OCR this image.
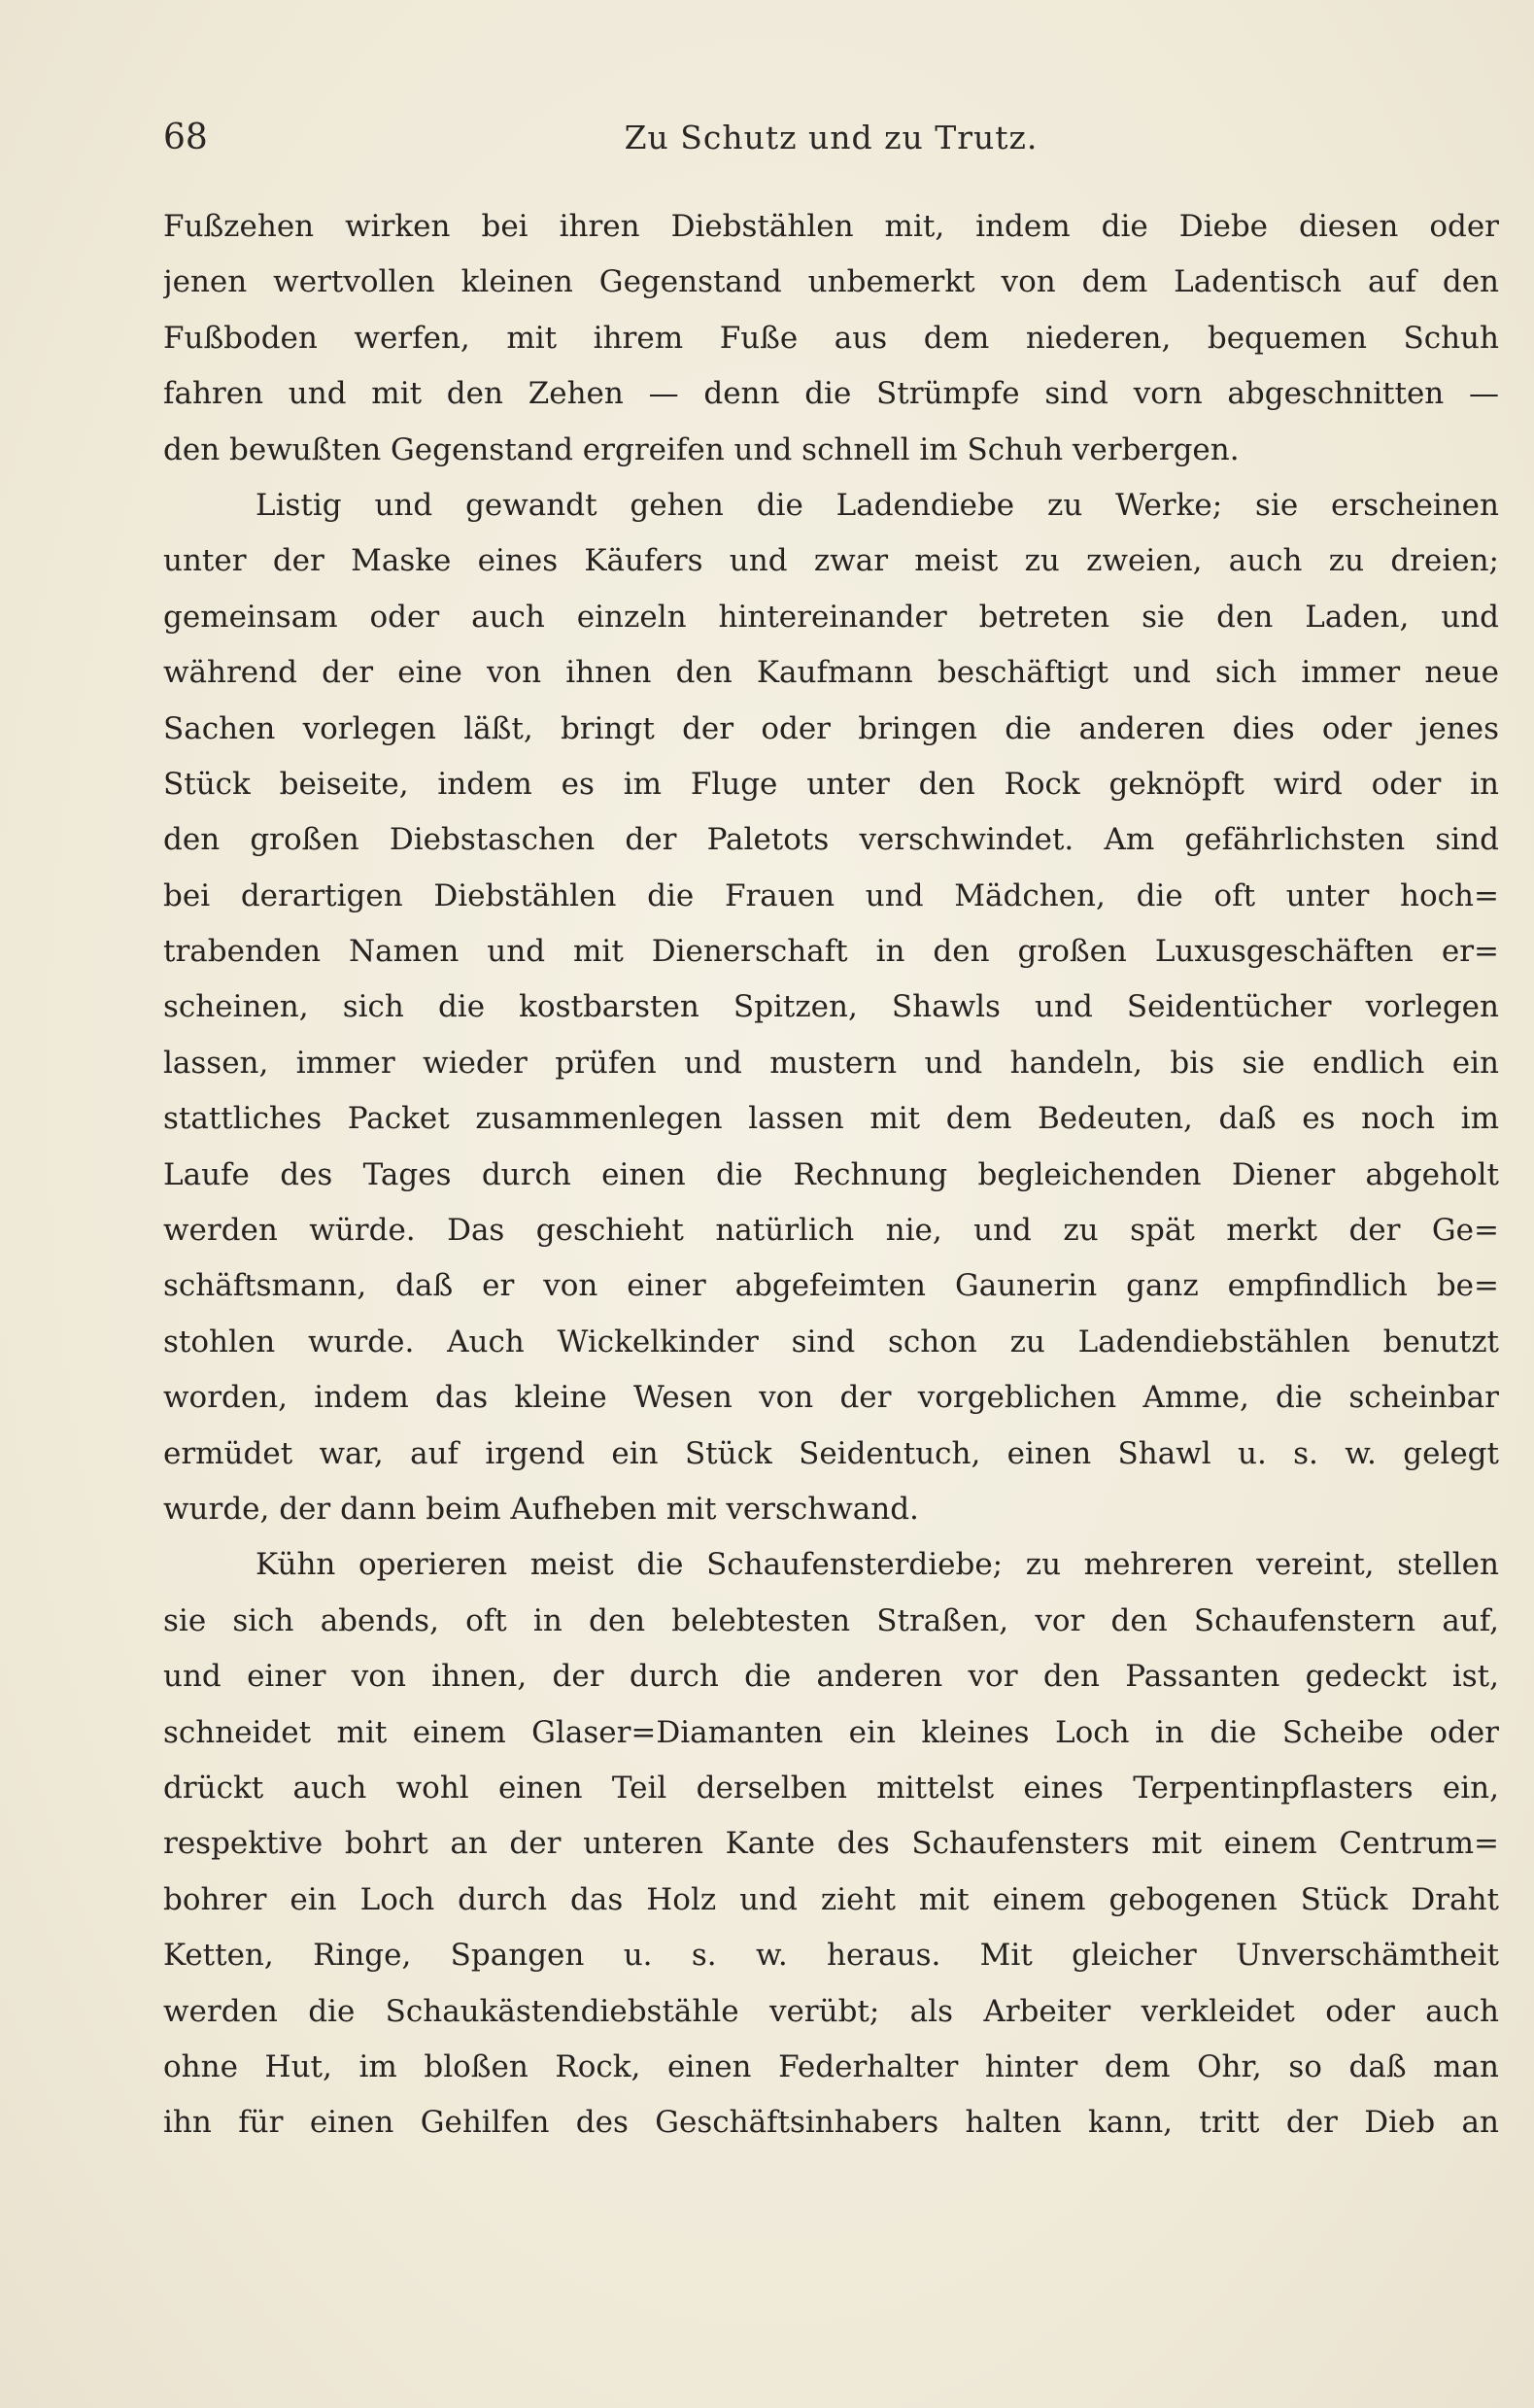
68	Zu Schutz und zu Trutz.
Fußzehen wirken bei ihren Diebstählen mit, indem die Diebe diesen oder
jenen wertvollen kleinen Gegenstand unbemerkt von dem Ladentisch auf den
Fußboden werfen, mit ihrem Fuße aus dem niederen, bequemen Schuh
fahren und mit den Zehen — denn die Strümpfe sind vorn abgeschnitten —
den bewußten Gegenstand ergreifen und schnell im Schuh verbergen.
Listig und gewandt gehen die Ladendiebe zu Werke; sie erscheinen
unter der Maske eines Käufers und zwar meist zu zweien, auch zu dreien;
gemeinsam oder auch einzeln hintereinander betreten sie den Laden, und
während der eine von ihnen den Kaufmann beschäftigt und sich immer neue
Sachen vorlegen läßt, bringt der oder bringen die anderen dies oder jenes
Stück beiseite, indem es im Fluge unter den Rock geknöpft wird oder in
den großen Diebstaschen der Paletots verschwindet. Am gefährlichsten sind
bei derartigen Diebstählen die Frauen und Mädchen, die oft unter hoch=
trabenden Namen und mit Dienerschaft in den großen Luxusgeschäften er=
scheinen, sich die kostbarsten Spitzen, Shawls und Seidentücher vorlegen
lassen, immer wieder prüfen und mustern und handeln, bis sie endlich ein
stattliches Packet zusammenlegen lassen mit dem Bedeuten, daß es noch im
Laufe des Tages durch einen die Rechnung begleichenden Diener abgeholt
werden würde. Das geschieht natürlich nie, und zu spät merkt der Ge=
schäftsmann, daß er von einer abgefeimten Gaunerin ganz empfindlich be=
stohlen wurde. Auch Wickelkinder sind schon zu Ladendiebstählen benutzt
worden, indem das kleine Wesen von der vorgeblichen Amme, die scheinbar
ermüdet war, auf irgend ein Stück Seidentuch, einen Shawl u. s. w. gelegt
wurde, der dann beim Aufheben mit verschwand.
Kühn operieren meist die Schaufensterdiebe; zu mehreren vereint, stellen
sie sich abends, oft in den belebtesten Straßen, vor den Schaufenstern auf,
und einer von ihnen, der durch die anderen vor den Passanten gedeckt ist,
schneidet mit einem Glaser=Diamanten ein kleines Loch in die Scheibe oder
drückt auch wohl einen Teil derselben mittelst eines Terpentinpflasters ein,
respektive bohrt an der unteren Kante des Schaufensters mit einem Centrum=
bohrer ein Loch durch das Holz und zieht mit einem gebogenen Stück Draht
Ketten, Ringe, Spangen u. s. w. heraus. Mit gleicher Unverschämtheit
werden die Schaukästendiebstähle verübt; als Arbeiter verkleidet oder auch
ohne Hut, im bloßen Rock, einen Federhalter hinter dem Ohr, so daß man
ihn für einen Gehilfen des Geschäftsinhabers halten kann, tritt der Dieb an
